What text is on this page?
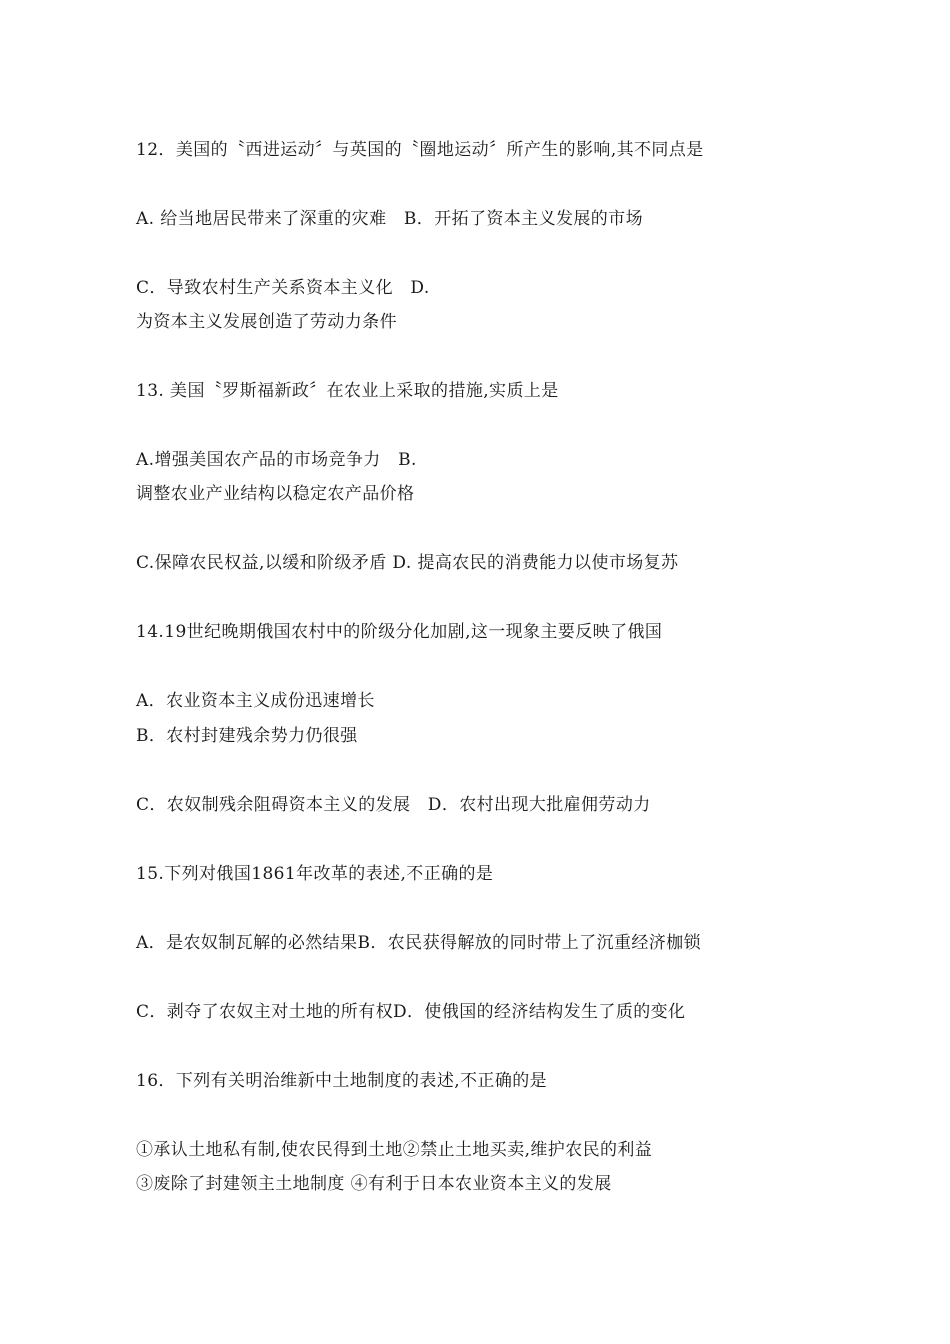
12．美国的〝西进运动〞与英国的〝圈地运动〞所产生的影响,其不同点是
A. 给当地居民带来了深重的灾难　B．开拓了资本主义发展的市场
C．导致农村生产关系资本主义化　D.
为资本主义发展创造了劳动力条件
13. 美国〝罗斯福新政〞在农业上采取的措施,实质上是
A.增强美国农产品的市场竞争力　B.
调整农业产业结构以稳定农产品价格
C.保障农民权益,以缓和阶级矛盾 D. 提高农民的消费能力以使市场复苏
14.19世纪晚期俄国农村中的阶级分化加剧,这一现象主要反映了俄国
A．农业资本主义成份迅速增长
B．农村封建残余势力仍很强
C．农奴制残余阻碍资本主义的发展　D．农村出现大批雇佣劳动力
15.下列对俄国1861年改革的表述,不正确的是
A．是农奴制瓦解的必然结果B．农民获得解放的同时带上了沉重经济枷锁
C．剥夺了农奴主对土地的所有权D．使俄国的经济结构发生了质的变化
16．下列有关明治维新中土地制度的表述,不正确的是
①承认土地私有制,使农民得到土地②禁止土地买卖,维护农民的利益
③废除了封建领主土地制度 ④有利于日本农业资本主义的发展
